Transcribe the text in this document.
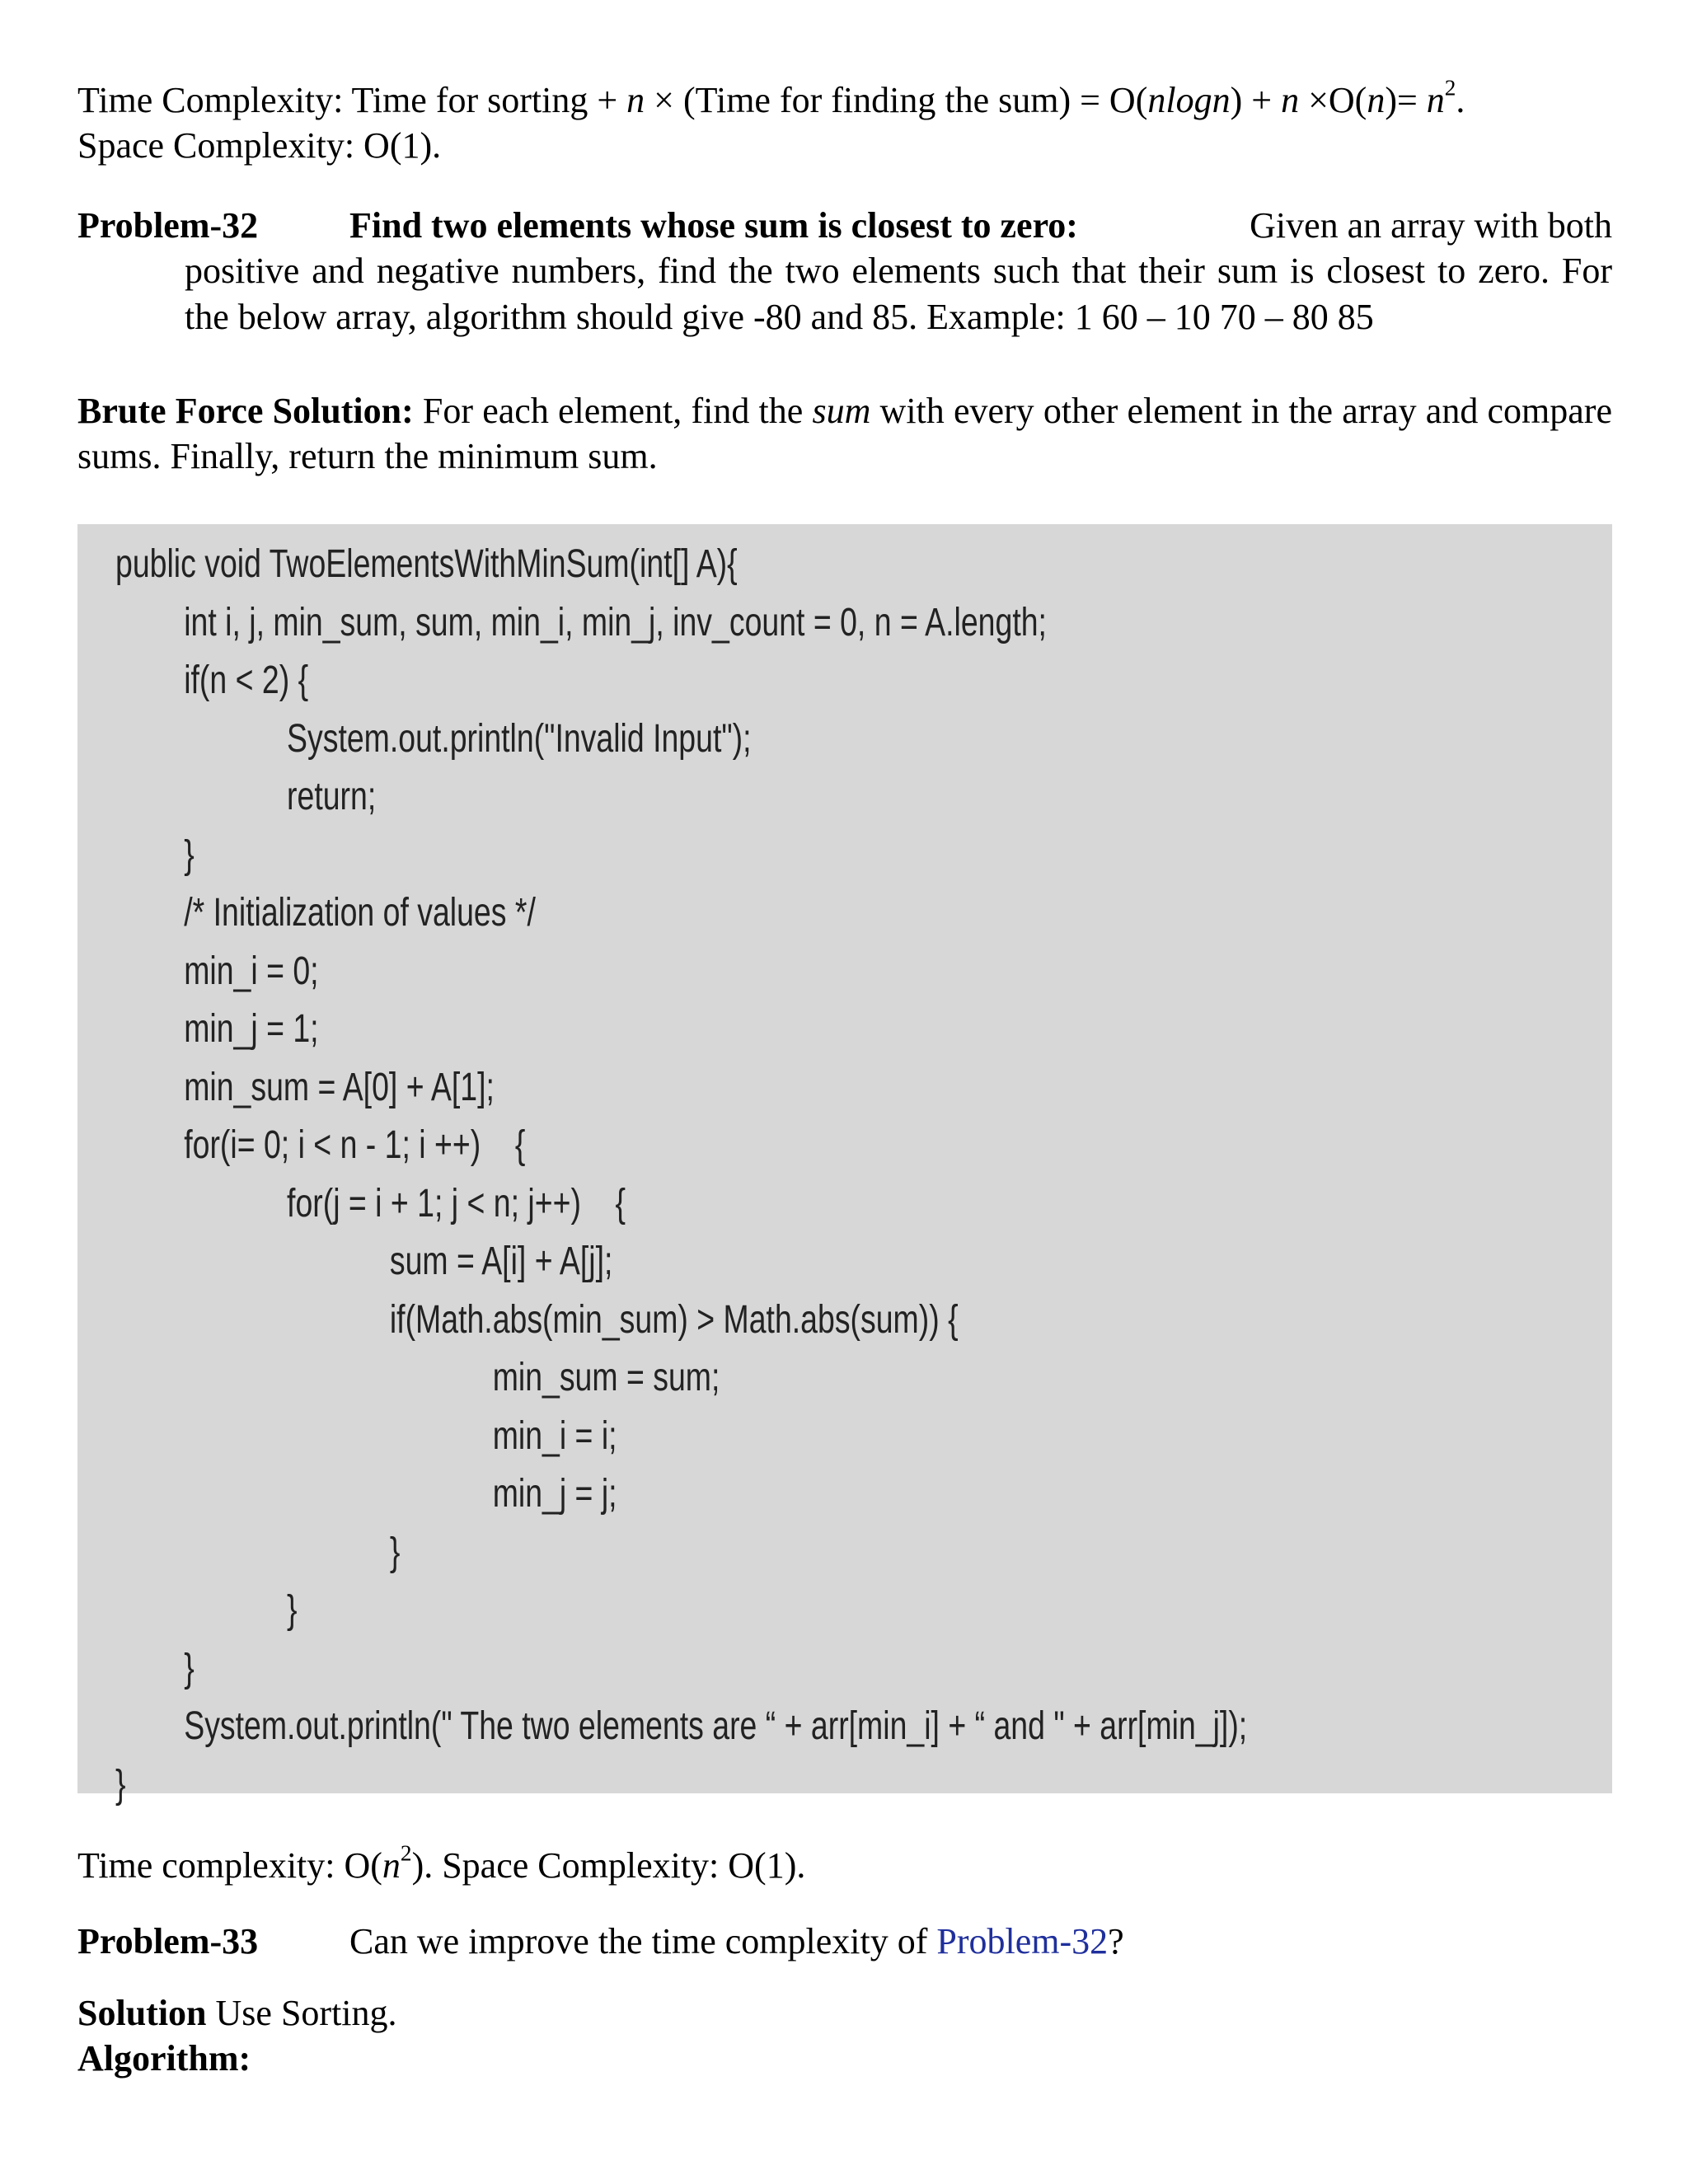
Time Complexity: Time for sorting + n × (Time for finding the $sum) = O(nlogn) + n \times O(n)= n^2$.

Space Complexity: O(1).

Problem-32	Find two elements whose sum is closest to zero:	Given an array with both

positive and negative numbers, find the two elements such that their sum is closest to zero. For the below array, algorithm should give -80 and 85. Example: 1 60 – 10 70 – 80 85

Brute Force Solution: For each element, find the sum with every other element in the array and compare sums. Finally, return the minimum sum.

public void TwoElementsWithMinSum(int[] A){
int i, j, min_sum, sum, min_i, min_j, inv_count = 0, n = A.length;
if(n < 2) {
System.out.println("Invalid Input");
return;
}
/* Initialization of values */
min_i = 0;
min_j = 1;
min_sum = A[0] + A[1];
for(i= 0; i < n - 1; i ++)    {
for(j = i + 1; j < n; j++)    {
sum = A[i] + A[j];
if(Math.abs(min_sum) > Math.abs(sum)) {
min_sum = sum;
min_i = i;
min_j = j;
}
}
}
System.out.println(" The two elements are “ + arr[min_i] + “ and " + arr[min_j]);
}

Time complexity: $O(n^2)$. Space Complexity: O(1).

Problem-33	Can we improve the time complexity of Problem-32?

Solution Use Sorting.

Algorithm:
